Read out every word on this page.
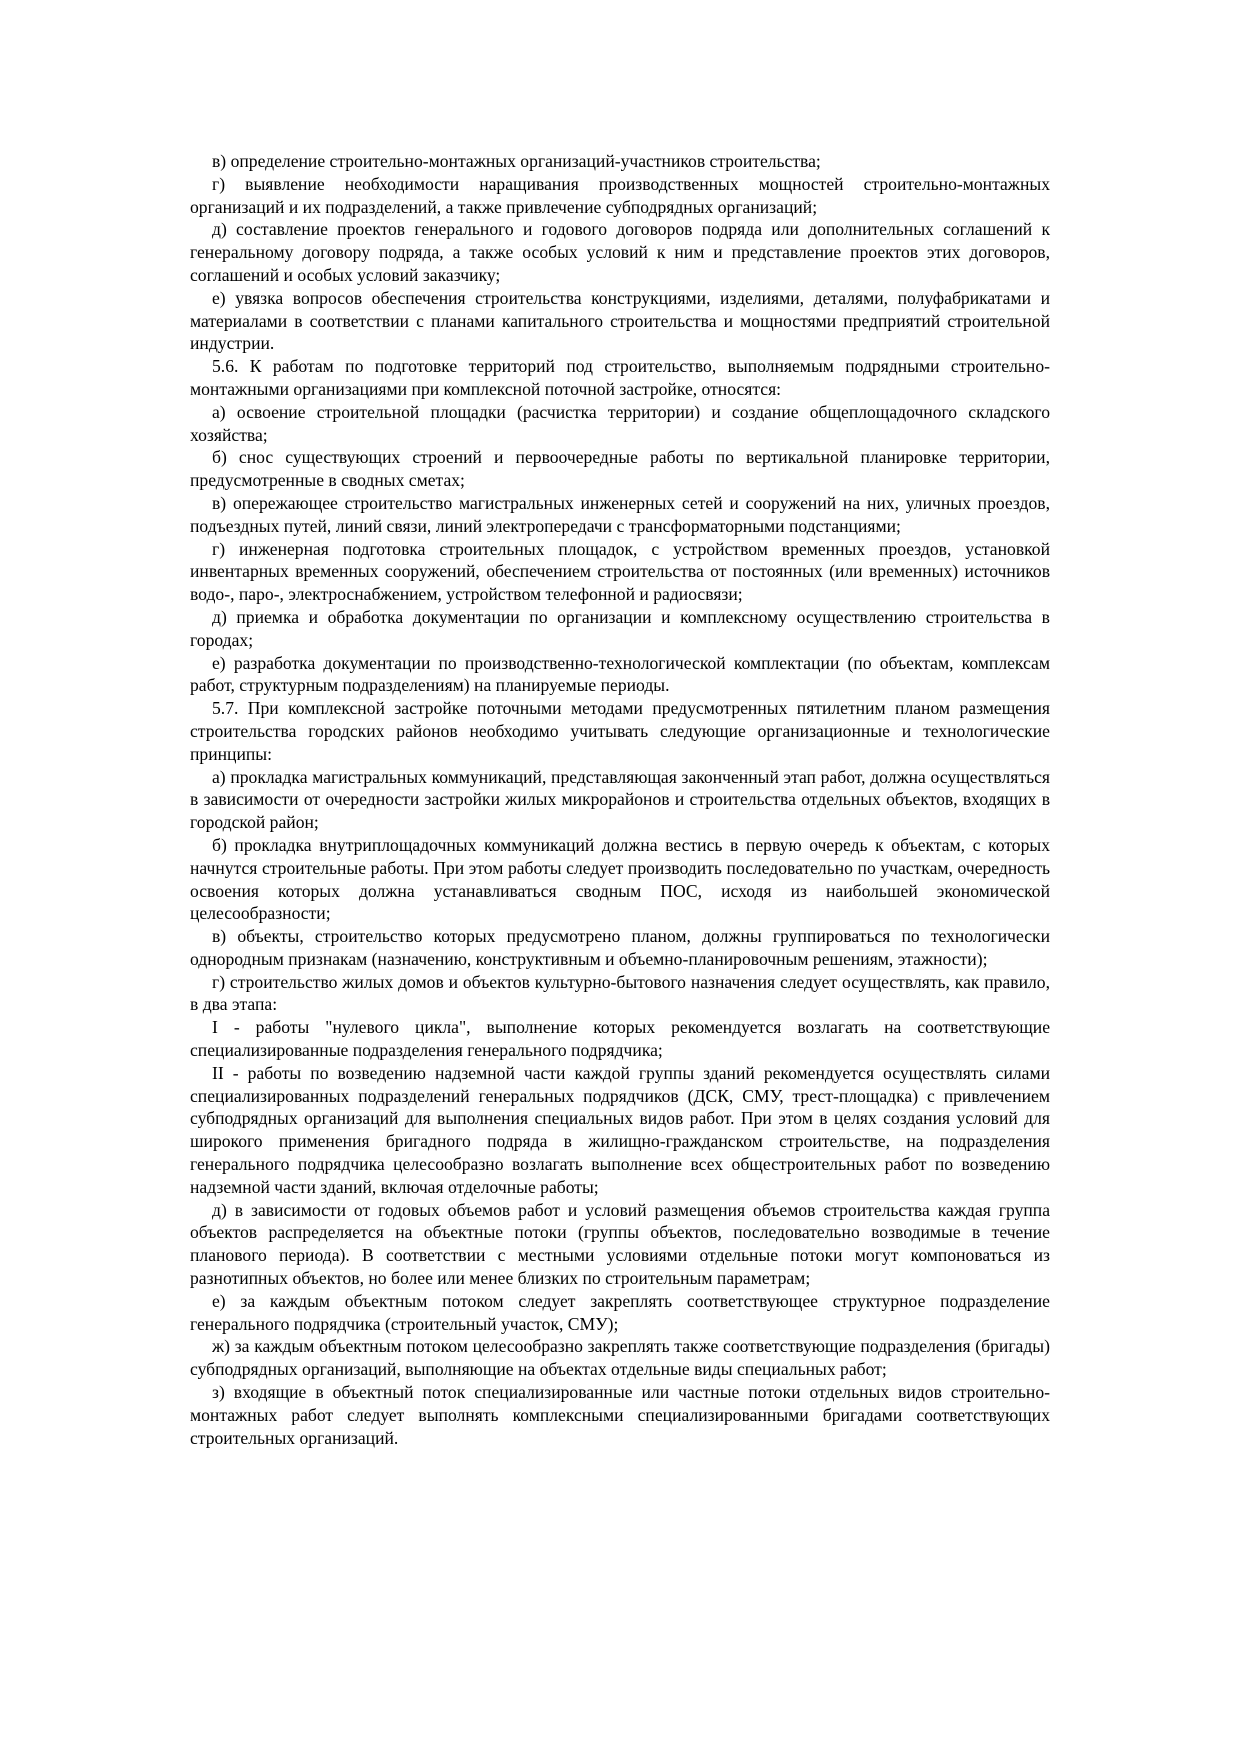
в) определение строительно-монтажных организаций-участников строительства;

г) выявление необходимости наращивания производственных мощностей строительно-монтажных организаций и их подразделений, а также привлечение субподрядных организаций;

д) составление проектов генерального и годового договоров подряда или дополнительных соглашений к генеральному договору подряда, а также особых условий к ним и представление проектов этих договоров, соглашений и особых условий заказчику;

е) увязка вопросов обеспечения строительства конструкциями, изделиями, деталями, полуфабрикатами и материалами в соответствии с планами капитального строительства и мощностями предприятий строительной индустрии.

5.6. К работам по подготовке территорий под строительство, выполняемым подрядными строительно-монтажными организациями при комплексной поточной застройке, относятся:

а) освоение строительной площадки (расчистка территории) и создание общеплощадочного складского хозяйства;

б) снос существующих строений и первоочередные работы по вертикальной планировке территории, предусмотренные в сводных сметах;

в) опережающее строительство магистральных инженерных сетей и сооружений на них, уличных проездов, подъездных путей, линий связи, линий электропередачи с трансформаторными подстанциями;

г) инженерная подготовка строительных площадок, с устройством временных проездов, установкой инвентарных временных сооружений, обеспечением строительства от постоянных (или временных) источников водо-, паро-, электроснабжением, устройством телефонной и радиосвязи;

д) приемка и обработка документации по организации и комплексному осуществлению строительства в городах;

е) разработка документации по производственно-технологической комплектации (по объектам, комплексам работ, структурным подразделениям) на планируемые периоды.

5.7. При комплексной застройке поточными методами предусмотренных пятилетним планом размещения строительства городских районов необходимо учитывать следующие организационные и технологические принципы:

а) прокладка магистральных коммуникаций, представляющая законченный этап работ, должна осуществляться в зависимости от очередности застройки жилых микрорайонов и строительства отдельных объектов, входящих в городской район;

б) прокладка внутриплощадочных коммуникаций должна вестись в первую очередь к объектам, с которых начнутся строительные работы. При этом работы следует производить последовательно по участкам, очередность освоения которых должна устанавливаться сводным ПОС, исходя из наибольшей экономической целесообразности;

в) объекты, строительство которых предусмотрено планом, должны группироваться по технологически однородным признакам (назначению, конструктивным и объемно-планировочным решениям, этажности);

г) строительство жилых домов и объектов культурно-бытового назначения следует осуществлять, как правило, в два этапа:

I - работы "нулевого цикла", выполнение которых рекомендуется возлагать на соответствующие специализированные подразделения генерального подрядчика;

II - работы по возведению надземной части каждой группы зданий рекомендуется осуществлять силами специализированных подразделений генеральных подрядчиков (ДСК, СМУ, трест-площадка) с привлечением субподрядных организаций для выполнения специальных видов работ. При этом в целях создания условий для широкого применения бригадного подряда в жилищно-гражданском строительстве, на подразделения генерального подрядчика целесообразно возлагать выполнение всех общестроительных работ по возведению надземной части зданий, включая отделочные работы;

д) в зависимости от годовых объемов работ и условий размещения объемов строительства каждая группа объектов распределяется на объектные потоки (группы объектов, последовательно возводимые в течение планового периода). В соответствии с местными условиями отдельные потоки могут компоноваться из разнотипных объектов, но более или менее близких по строительным параметрам;

е) за каждым объектным потоком следует закреплять соответствующее структурное подразделение генерального подрядчика (строительный участок, СМУ);

ж) за каждым объектным потоком целесообразно закреплять также соответствующие подразделения (бригады) субподрядных организаций, выполняющие на объектах отдельные виды специальных работ;

з) входящие в объектный поток специализированные или частные потоки отдельных видов строительно-монтажных работ следует выполнять комплексными специализированными бригадами соответствующих строительных организаций.
